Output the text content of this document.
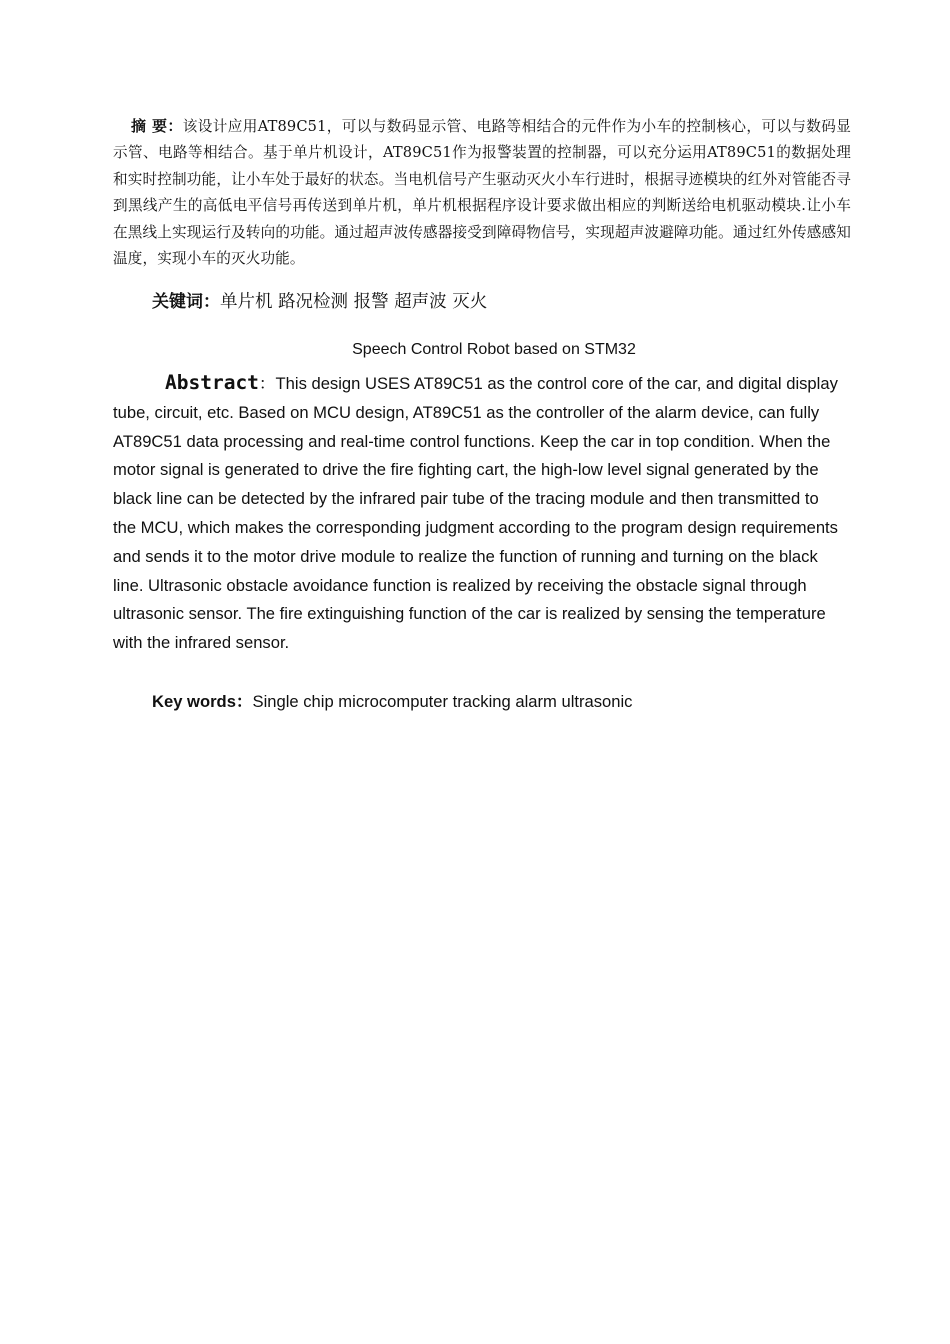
摘 要：该设计应用AT89C51，可以与数码显示管、电路等相结合的元件作为小车的控制核心，可以与数码显示管、电路等相结合。基于单片机设计，AT89C51作为报警装置的控制器，可以充分运用AT89C51的数据处理和实时控制功能，让小车处于最好的状态。当电机信号产生驱动灭火小车行进时，根据寻迹模块的红外对管能否寻到黑线产生的高低电平信号再传送到单片机，单片机根据程序设计要求做出相应的判断送给电机驱动模块.让小车在黑线上实现运行及转向的功能。通过超声波传感器接受到障碍物信号，实现超声波避障功能。通过红外传感感知温度，实现小车的灭火功能。

关键词：单片机 路况检测 报警 超声波 灭火
Speech Control Robot based on STM32

Abstract：This design USES AT89C51 as the control core of the car, and digital display tube, circuit, etc. Based on MCU design, AT89C51 as the controller of the alarm device, can fully AT89C51 data processing and real-time control functions. Keep the car in top condition. When the motor signal is generated to drive the fire fighting cart, the high-low level signal generated by the black line can be detected by the infrared pair tube of the tracing module and then transmitted to the MCU, which makes the corresponding judgment according to the program design requirements and sends it to the motor drive module to realize the function of running and turning on the black line. Ultrasonic obstacle avoidance function is realized by receiving the obstacle signal through ultrasonic sensor. The fire extinguishing function of the car is realized by sensing the temperature with the infrared sensor.

Key words：Single chip microcomputer tracking alarm ultrasonic
